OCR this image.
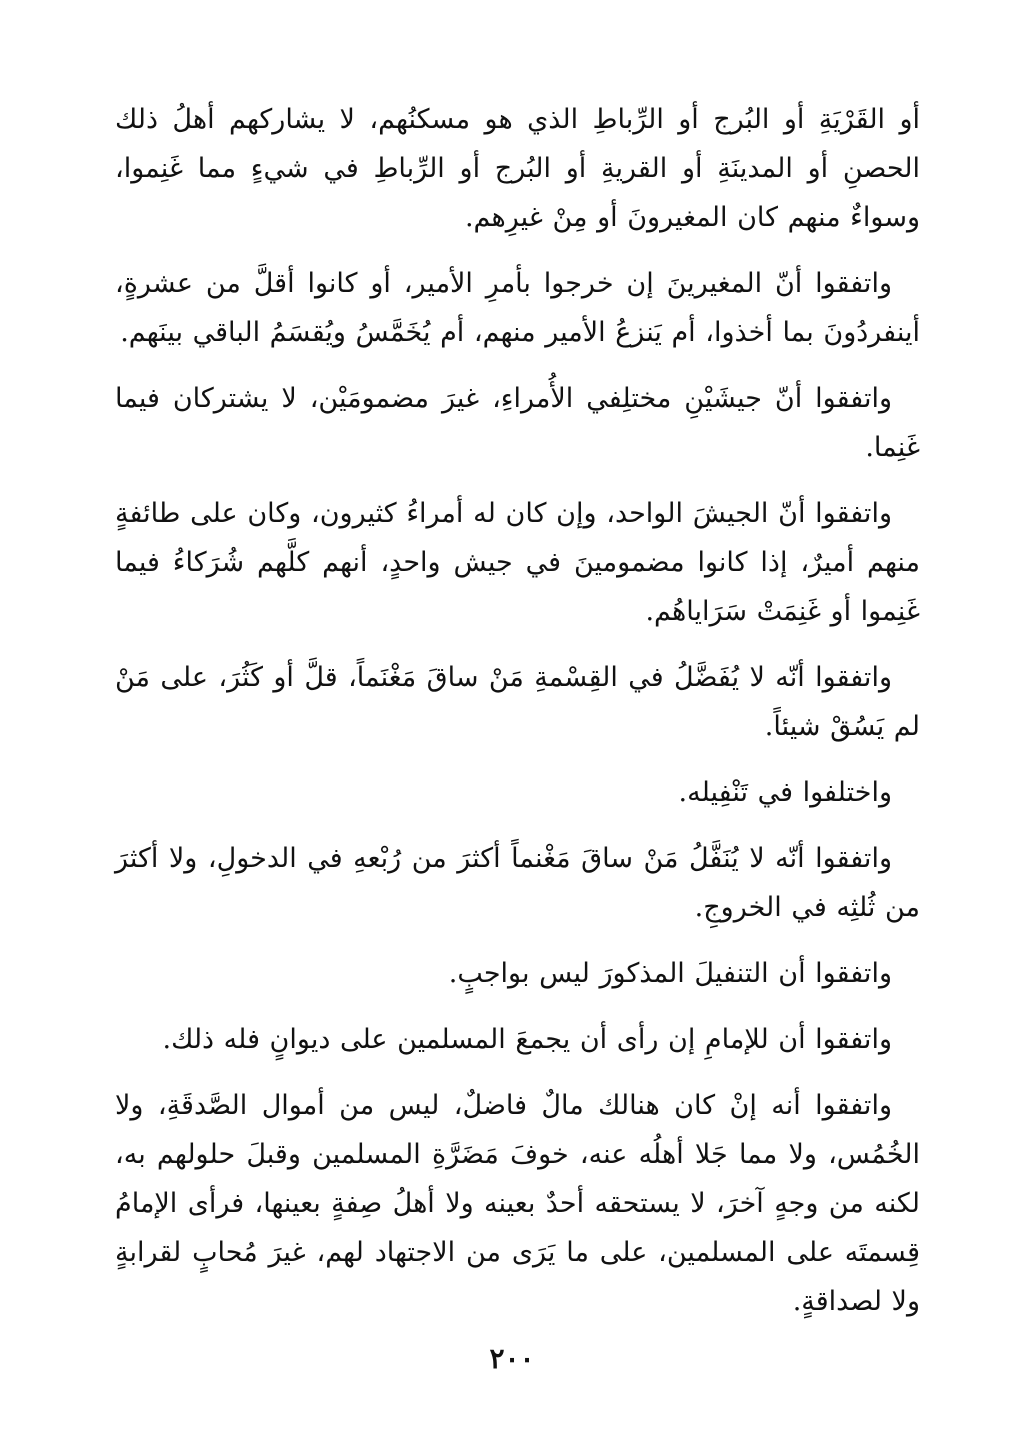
أو القَرْيَةِ أو البُرج أو الرِّباطِ الذي هو مسكنُهم، لا يشاركهم أهلُ ذلك الحصنِ أو المدينَةِ أو القريةِ أو البُرج أو الرِّباطِ في شيءٍ مما غَنِموا، وسواءٌ منهم كان المغيرونَ أو مِنْ غيرِهم.

واتفقوا أنّ المغيرينَ إن خرجوا بأمرِ الأمير، أو كانوا أقلَّ من عشرةٍ، أينفردُونَ بما أخذوا، أم يَنزعُ الأمير منهم، أم يُخَمَّسُ ويُقسَمُ الباقي بينَهم.

واتفقوا أنّ جيشَيْنِ مختلِفي الأُمراءِ، غيرَ مضمومَيْن، لا يشتركان فيما غَنِما.

واتفقوا أنّ الجيشَ الواحد، وإن كان له أمراءُ كثيرون، وكان على طائفةٍ منهم أميرٌ، إذا كانوا مضمومينَ في جيش واحدٍ، أنهم كلَّهم شُرَكاءُ فيما غَنِموا أو غَنِمَتْ سَرَاياهُم.

واتفقوا أنّه لا يُفَضَّلُ في القِسْمةِ مَنْ ساقَ مَغْنَماً، قلَّ أو كَثُرَ، على مَنْ لم يَسُقْ شيئاً.

واختلفوا في تَنْفِيله.

واتفقوا أنّه لا يُنَفَّلُ مَنْ ساقَ مَغْنماً أكثرَ من رُبْعهِ في الدخولِ، ولا أكثرَ من ثُلثِه في الخروجِ.

واتفقوا أن التنفيلَ المذكورَ ليس بواجبٍ.

واتفقوا أن للإمامِ إن رأى أن يجمعَ المسلمين على ديوانٍ فله ذلك.

واتفقوا أنه إنْ كان هنالك مالٌ فاضلٌ، ليس من أموال الصَّدقَةِ، ولا الخُمُس، ولا مما جَلا أهلُه عنه، خوفَ مَضَرَّةِ المسلمين وقبلَ حلولهم به، لكنه من وجهٍ آخرَ، لا يستحقه أحدٌ بعينه ولا أهلُ صِفةٍ بعينها، فرأى الإمامُ قِسمتَه على المسلمين، على ما يَرَى من الاجتهاد لهم، غيرَ مُحابٍ لقرابةٍ ولا لصداقةٍ.

٢٠٠
